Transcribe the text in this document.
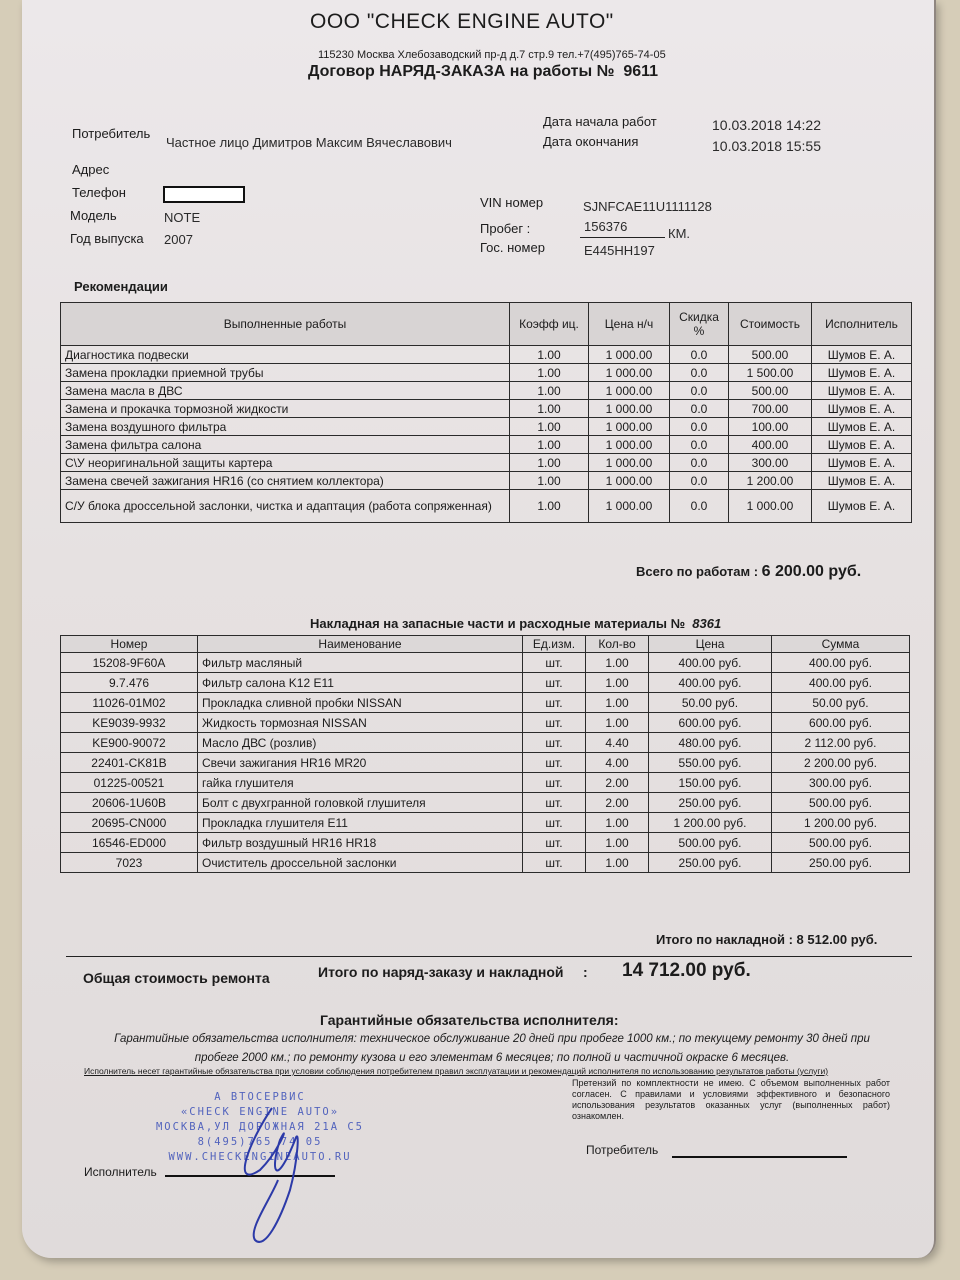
ООО "CHECK ENGINE AUTO"
115230 Москва Хлебозаводский пр-д д.7 стр.9 тел.+7(495)765-74-05
Договор НАРЯД-ЗАКАЗА на работы № 9611
Потребитель
Частное лицо Димитров Максим Вячеславович
Адрес
Телефон
Модель	NOTE
Год выпуска 2007
Дата начала работ	10.03.2018 14:22
Дата окончания	10.03.2018 15:55
VIN номер	SJNFCAE11U1111128
Пробег :	156376	КМ.
Гос. номер	E445HH197
Рекомендации
Выполненные работы	Коэфф иц.	Цена н/ч	Скидка %	Стоимость	Исполнитель
Диагностика подвески	1.00	1 000.00	0.0	500.00	Шумов Е. А.
Замена прокладки приемной трубы	1.00	1 000.00	0.0	1 500.00	Шумов Е. А.
Замена масла в ДВС	1.00	1 000.00	0.0	500.00	Шумов Е. А.
Замена и прокачка тормозной жидкости	1.00	1 000.00	0.0	700.00	Шумов Е. А.
Замена воздушного фильтра	1.00	1 000.00	0.0	100.00	Шумов Е. А.
Замена фильтра салона	1.00	1 000.00	0.0	400.00	Шумов Е. А.
С\У неоригинальной защиты картера	1.00	1 000.00	0.0	300.00	Шумов Е. А.
Замена свечей зажигания HR16 (со снятием коллектора)	1.00	1 000.00	0.0	1 200.00	Шумов Е. А.
С/У блока дроссельной заслонки, чистка и адаптация (работа сопряженная)	1.00	1 000.00	0.0	1 000.00	Шумов Е. А.
Всего по работам : 6 200.00 руб.
Накладная на запасные части и расходные материалы № 8361
Номер	Наименование	Ед.изм.	Кол-во	Цена	Сумма
15208-9F60A	Фильтр масляный	шт.	1.00	400.00 руб.	400.00 руб.
9.7.476	Фильтр салона K12 E11	шт.	1.00	400.00 руб.	400.00 руб.
11026-01M02	Прокладка сливной пробки NISSAN	шт.	1.00	50.00 руб.	50.00 руб.
KE9039-9932	Жидкость тормозная NISSAN	шт.	1.00	600.00 руб.	600.00 руб.
KE900-90072	Масло ДВС (розлив)	шт.	4.40	480.00 руб.	2 112.00 руб.
22401-CK81B	Свечи зажигания HR16 MR20	шт.	4.00	550.00 руб.	2 200.00 руб.
01225-00521	гайка глушителя	шт.	2.00	150.00 руб.	300.00 руб.
20606-1U60B	Болт с двухгранной головкой глушителя	шт.	2.00	250.00 руб.	500.00 руб.
20695-CN000	Прокладка глушителя E11	шт.	1.00	1 200.00 руб.	1 200.00 руб.
16546-ED000	Фильтр воздушный HR16 HR18	шт.	1.00	500.00 руб.	500.00 руб.
7023	Очиститель дроссельной заслонки	шт.	1.00	250.00 руб.	250.00 руб.
Итого по накладной : 8 512.00 руб.
Общая стоимость ремонта	Итого по наряд-заказу и накладной : 14 712.00 руб.
Гарантийные обязательства исполнителя:
Гарантийные обязательства исполнителя: техническое обслуживание 20 дней при пробеге 1000 км.; по текущему ремонту 30 дней при пробеге 2000 км.; по ремонту кузова и его элементам 6 месяцев; по полной и частичной окраске 6 месяцев.
Исполнитель несет гарантийные обязательства при условии соблюдения потребителем правил эксплуатации и рекомендаций исполнителя по использованию результатов работы (услуги)
Претензий по комплектности не имею. С объемом выполненных работ согласен. С правилами и условиями эффективного и безопасного использования результатов оказанных услуг (выполненных работ) ознакомлен.
Потребитель
А ВТОСЕРВИС
«CHECK ENGINE AUTO»
МОСКВА,УЛ ДОРОЖНАЯ 21А С5
8(495)765 74 05
WWW.CHECKENGINEAUTO.RU
Исполнитель
